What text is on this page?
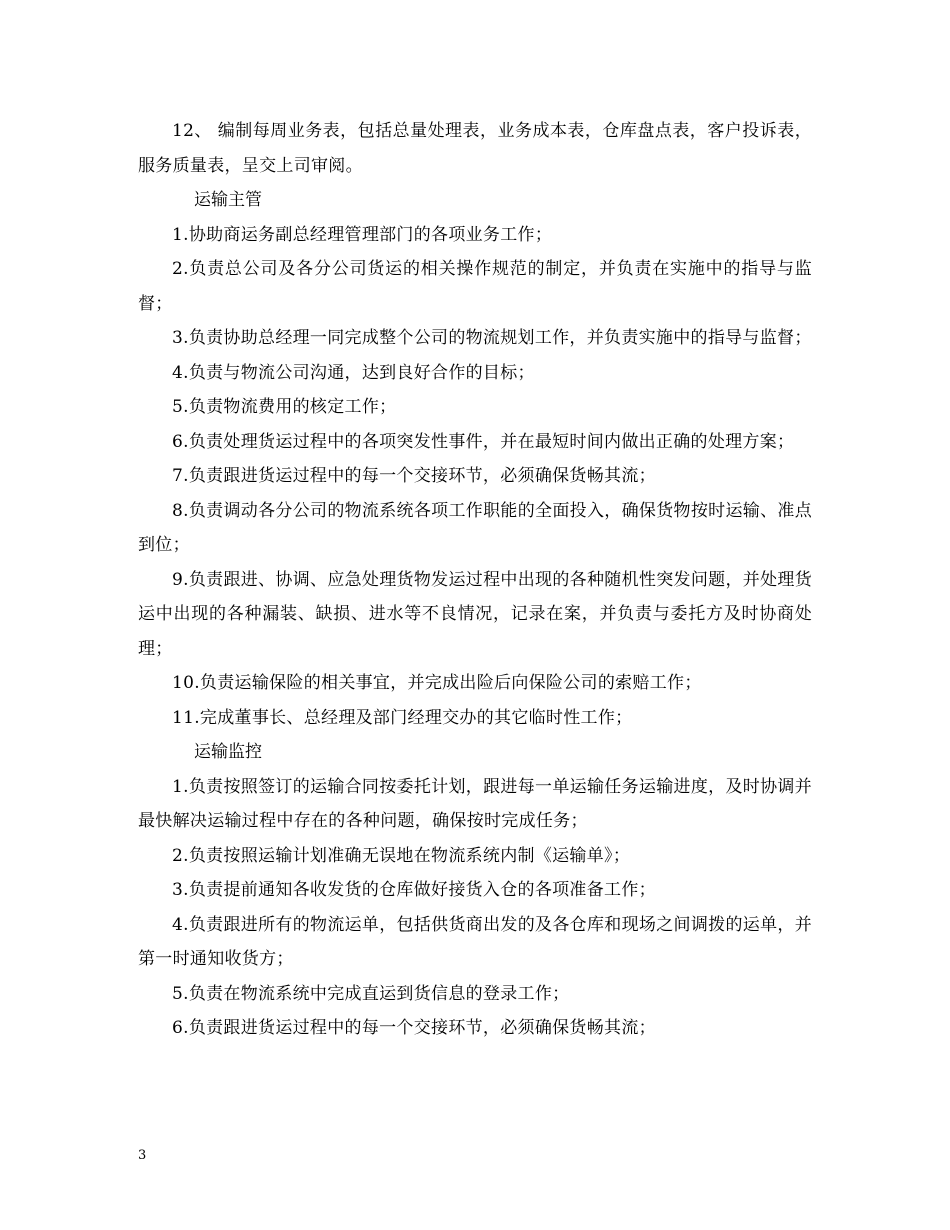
12、 编制每周业务表，包括总量处理表，业务成本表，仓库盘点表，客户投诉表，服务质量表，呈交上司审阅。

运输主管

1.协助商运务副总经理管理部门的各项业务工作；

2.负责总公司及各分公司货运的相关操作规范的制定，并负责在实施中的指导与监督；

3.负责协助总经理一同完成整个公司的物流规划工作，并负责实施中的指导与监督；

4.负责与物流公司沟通，达到良好合作的目标；

5.负责物流费用的核定工作；

6.负责处理货运过程中的各项突发性事件，并在最短时间内做出正确的处理方案；

7.负责跟进货运过程中的每一个交接环节，必须确保货畅其流；

8.负责调动各分公司的物流系统各项工作职能的全面投入，确保货物按时运输、准点到位；

9.负责跟进、协调、应急处理货物发运过程中出现的各种随机性突发问题，并处理货运中出现的各种漏装、缺损、进水等不良情况，记录在案，并负责与委托方及时协商处理；

10.负责运输保险的相关事宜，并完成出险后向保险公司的索赔工作；

11.完成董事长、总经理及部门经理交办的其它临时性工作；

运输监控

1.负责按照签订的运输合同按委托计划，跟进每一单运输任务运输进度，及时协调并最快解决运输过程中存在的各种问题，确保按时完成任务；

2.负责按照运输计划准确无误地在物流系统内制《运输单》；

3.负责提前通知各收发货的仓库做好接货入仓的各项准备工作；

4.负责跟进所有的物流运单，包括供货商出发的及各仓库和现场之间调拨的运单，并第一时通知收货方；

5.负责在物流系统中完成直运到货信息的登录工作；

6.负责跟进货运过程中的每一个交接环节，必须确保货畅其流；

3
